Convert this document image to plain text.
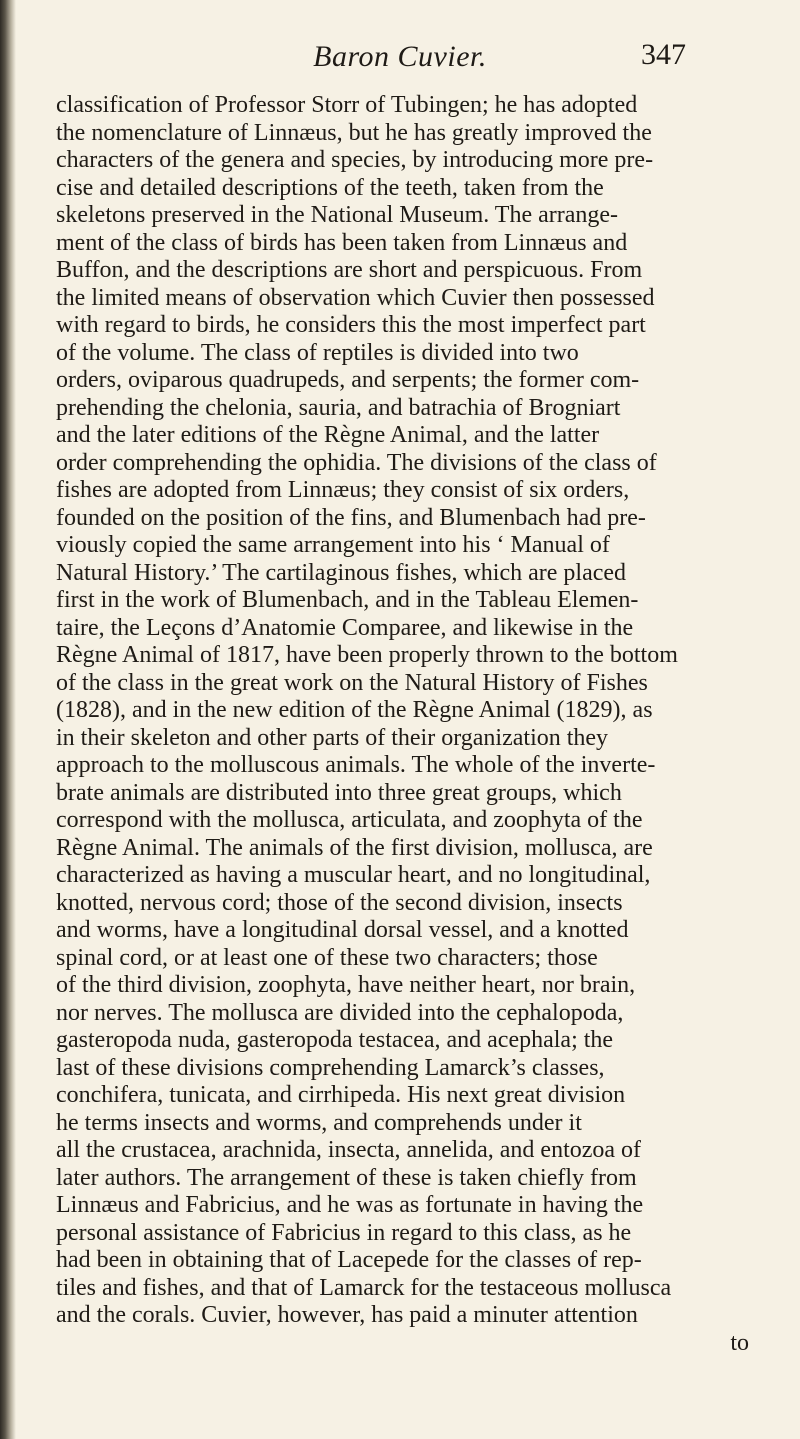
Baron Cuvier.	347
classification of Professor Storr of Tubingen; he has adopted
the nomenclature of Linnæus, but he has greatly improved the
characters of the genera and species, by introducing more pre-
cise and detailed descriptions of the teeth, taken from the
skeletons preserved in the National Museum. The arrange-
ment of the class of birds has been taken from Linnæus and
Buffon, and the descriptions are short and perspicuous. From
the limited means of observation which Cuvier then possessed
with regard to birds, he considers this the most imperfect part
of the volume. The class of reptiles is divided into two
orders, oviparous quadrupeds, and serpents; the former com-
prehending the chelonia, sauria, and batrachia of Brogniart
and the later editions of the Règne Animal, and the latter
order comprehending the ophidia. The divisions of the class of
fishes are adopted from Linnæus; they consist of six orders,
founded on the position of the fins, and Blumenbach had pre-
viously copied the same arrangement into his ‘ Manual of
Natural History.’ The cartilaginous fishes, which are placed
first in the work of Blumenbach, and in the Tableau Elemen-
taire, the Leçons d’Anatomie Comparee, and likewise in the
Règne Animal of 1817, have been properly thrown to the bottom
of the class in the great work on the Natural History of Fishes
(1828), and in the new edition of the Règne Animal (1829), as
in their skeleton and other parts of their organization they
approach to the molluscous animals. The whole of the inverte-
brate animals are distributed into three great groups, which
correspond with the mollusca, articulata, and zoophyta of the
Règne Animal. The animals of the first division, mollusca, are
characterized as having a muscular heart, and no longitudinal,
knotted, nervous cord; those of the second division, insects
and worms, have a longitudinal dorsal vessel, and a knotted
spinal cord, or at least one of these two characters; those
of the third division, zoophyta, have neither heart, nor brain,
nor nerves. The mollusca are divided into the cephalopoda,
gasteropoda nuda, gasteropoda testacea, and acephala; the
last of these divisions comprehending Lamarck’s classes,
conchifera, tunicata, and cirrhipeda. His next great division
he terms insects and worms, and comprehends under it
all the crustacea, arachnida, insecta, annelida, and entozoa of
later authors. The arrangement of these is taken chiefly from
Linnæus and Fabricius, and he was as fortunate in having the
personal assistance of Fabricius in regard to this class, as he
had been in obtaining that of Lacepede for the classes of rep-
tiles and fishes, and that of Lamarck for the testaceous mollusca
and the corals. Cuvier, however, has paid a minuter attention
to
